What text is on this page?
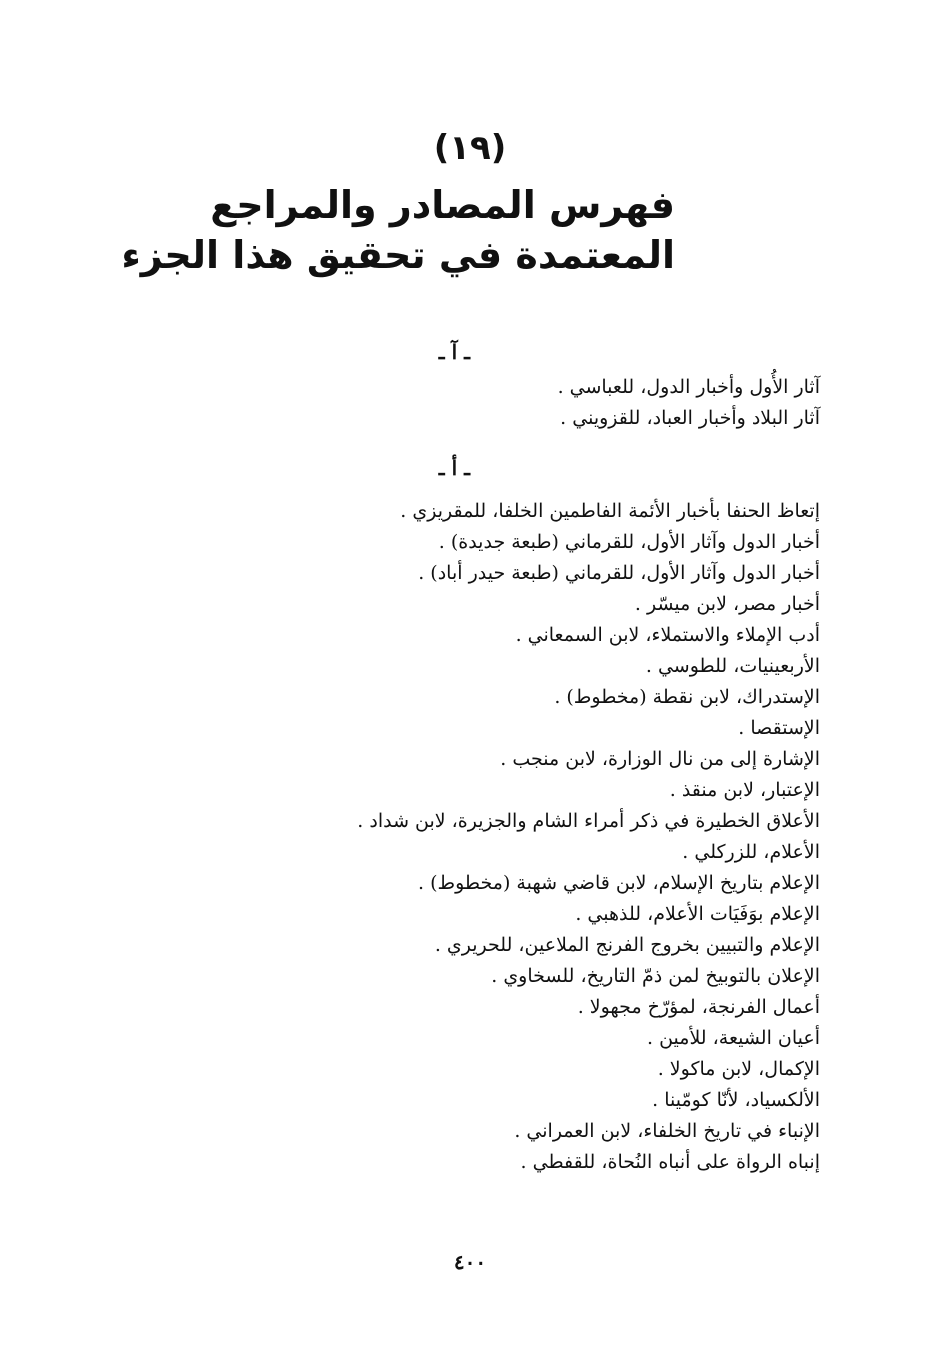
(١٩)
فهرس المصادر والمراجع
المعتمدة في تحقيق هذا الجزء
ـ آ ـ
آثار الأُول وأخبار الدول، للعباسي .
آثار البلاد وأخبار العباد، للقزويني .
ـ أ ـ
إتعاظ الحنفا بأخبار الأئمة الفاطمين الخلفا، للمقريزي .
أخبار الدول وآثار الأول، للقرماني (طبعة جديدة) .
أخبار الدول وآثار الأول، للقرماني (طبعة حيدر أباد) .
أخبار مصر، لابن ميسّر .
أدب الإملاء والاستملاء، لابن السمعاني .
الأربعينيات، للطوسي .
الإستدراك، لابن نقطة (مخطوط) .
الإستقصا .
الإشارة إلى من نال الوزارة، لابن منجب .
الإعتبار، لابن منقذ .
الأعلاق الخطيرة في ذكر أمراء الشام والجزيرة، لابن شداد .
الأعلام، للزركلي .
الإعلام بتاريخ الإسلام، لابن قاضي شهبة (مخطوط) .
الإعلام بوَفَيَات الأعلام، للذهبي .
الإعلام والتبيين بخروج الفرنج الملاعين، للحريري .
الإعلان بالتوبيخ لمن ذمّ التاريخ، للسخاوي .
أعمال الفرنجة، لمؤرّخ مجهولا .
أعيان الشيعة، للأمين .
الإكمال، لابن ماكولا .
الألكسياد، لأنّا كومّينا .
الإنباء في تاريخ الخلفاء، لابن العمراني .
إنباه الرواة على أنباه النُحاة، للقفطي .
٤٠٠
